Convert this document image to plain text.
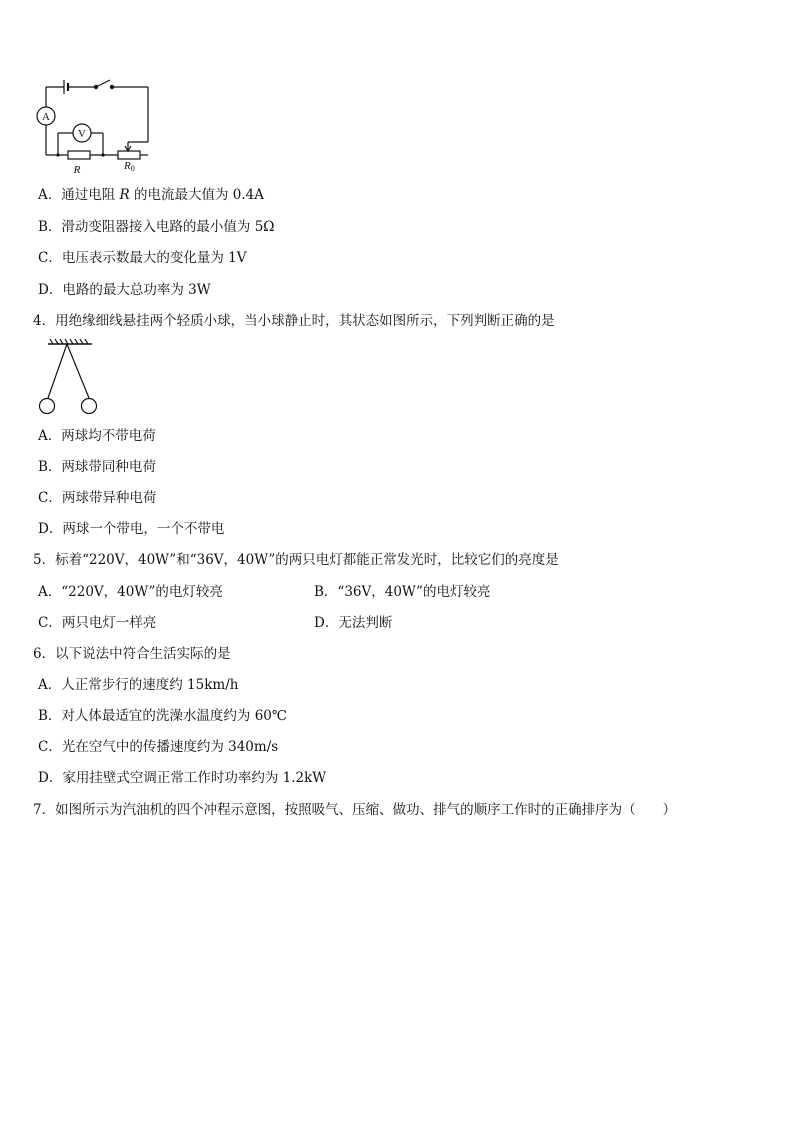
A
V
R	R0
A．通过电阻 R 的电流最大值为 0.4A
B．滑动变阻器接入电路的最小值为 5Ω
C．电压表示数最大的变化量为 1V
D．电路的最大总功率为 3W
4．用绝缘细线悬挂两个轻质小球，当小球静止时，其状态如图所示，下列判断正确的是
A．两球均不带电荷
B．两球带同种电荷
C．两球带异种电荷
D．两球一个带电，一个不带电
5．标着“220V，40W”和“36V，40W”的两只电灯都能正常发光时，比较它们的亮度是
A．“220V，40W”的电灯较亮	B．“36V，40W”的电灯较亮
C．两只电灯一样亮	D．无法判断
6．以下说法中符合生活实际的是
A．人正常步行的速度约 15km/h
B．对人体最适宜的洗澡水温度约为 60℃
C．光在空气中的传播速度约为 340m/s
D．家用挂壁式空调正常工作时功率约为 1.2kW
7．如图所示为汽油机的四个冲程示意图，按照吸气、压缩、做功、排气的顺序工作时的正确排序为（　　）
